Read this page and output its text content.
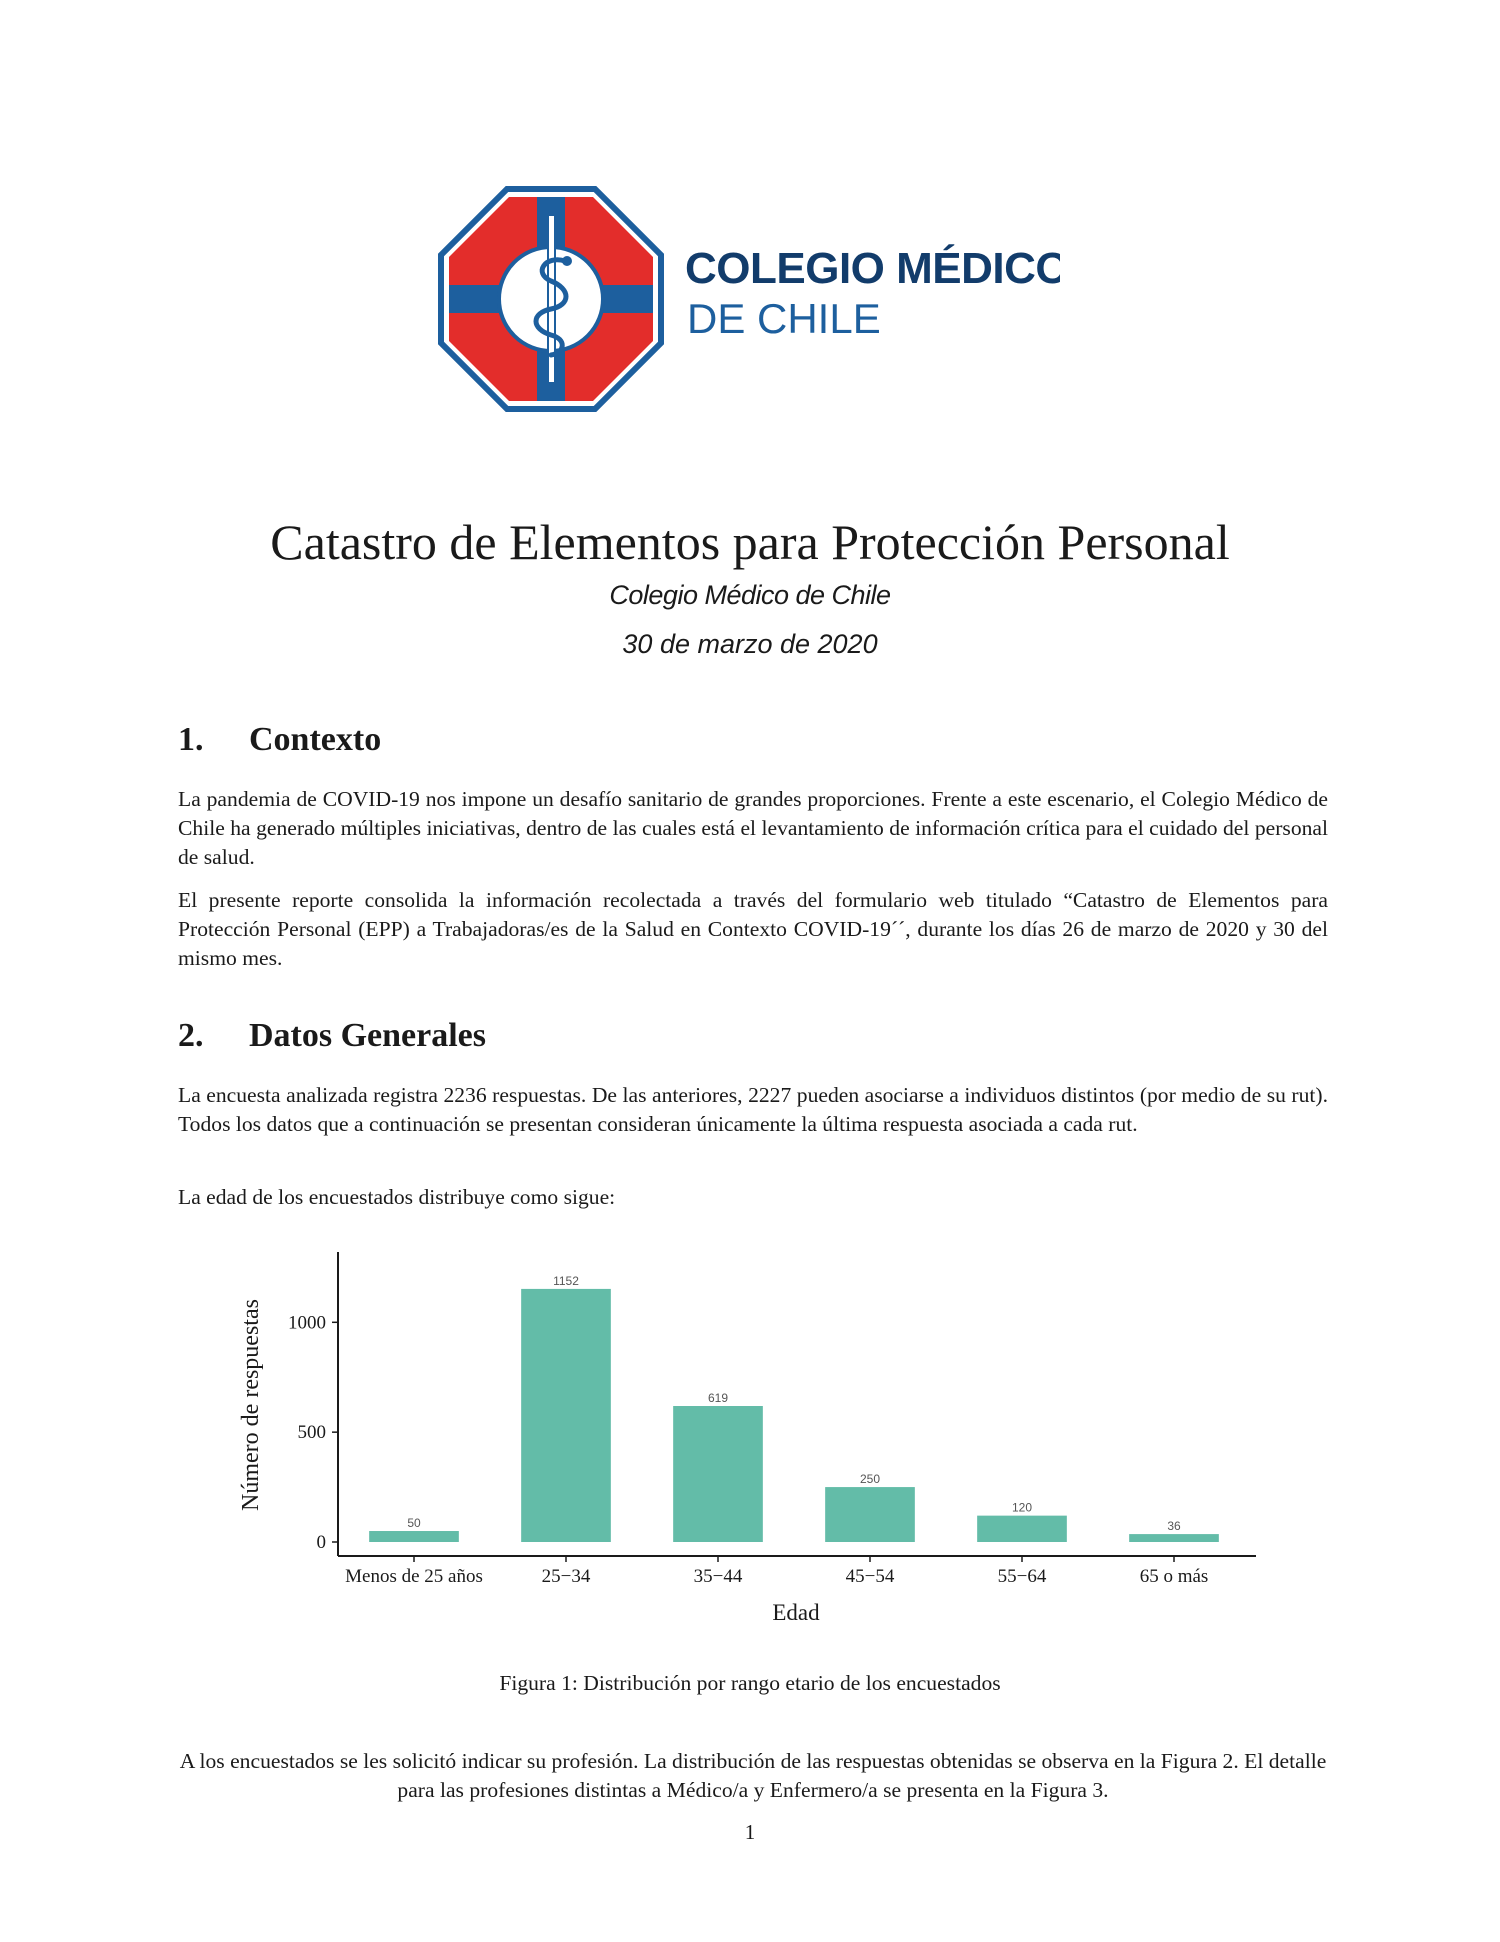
COLEGIO MÉDICO
DE CHILE
Catastro de Elementos para Protección Personal
Colegio Médico de Chile
30 de marzo de 2020
1. Contexto
La pandemia de COVID-19 nos impone un desafío sanitario de grandes proporciones. Frente a este escenario, el Colegio Médico de Chile ha generado múltiples iniciativas, dentro de las cuales está el levantamiento de información crítica para el cuidado del personal de salud.
El presente reporte consolida la información recolectada a través del formulario web titulado “Catastro de Elementos para Protección Personal (EPP) a Trabajadoras/es de la Salud en Contexto COVID-19´´, durante los días 26 de marzo de 2020 y 30 del mismo mes.
2. Datos Generales
La encuesta analizada registra 2236 respuestas. De las anteriores, 2227 pueden asociarse a individuos distintos (por medio de su rut). Todos los datos que a continuación se presentan consideran únicamente la última respuesta asociada a cada rut.
La edad de los encuestados distribuye como sigue:
Número de respuestas
Edad
0
500
1000
50
Menos de 25 años
1152
25−34
619
35−44
250
45−54
120
55−64
36
65 o más
Figura 1: Distribución por rango etario de los encuestados
A los encuestados se les solicitó indicar su profesión. La distribución de las respuestas obtenidas se observa en la Figura 2. El detalle para las profesiones distintas a Médico/a y Enfermero/a se presenta en la Figura 3.
1
